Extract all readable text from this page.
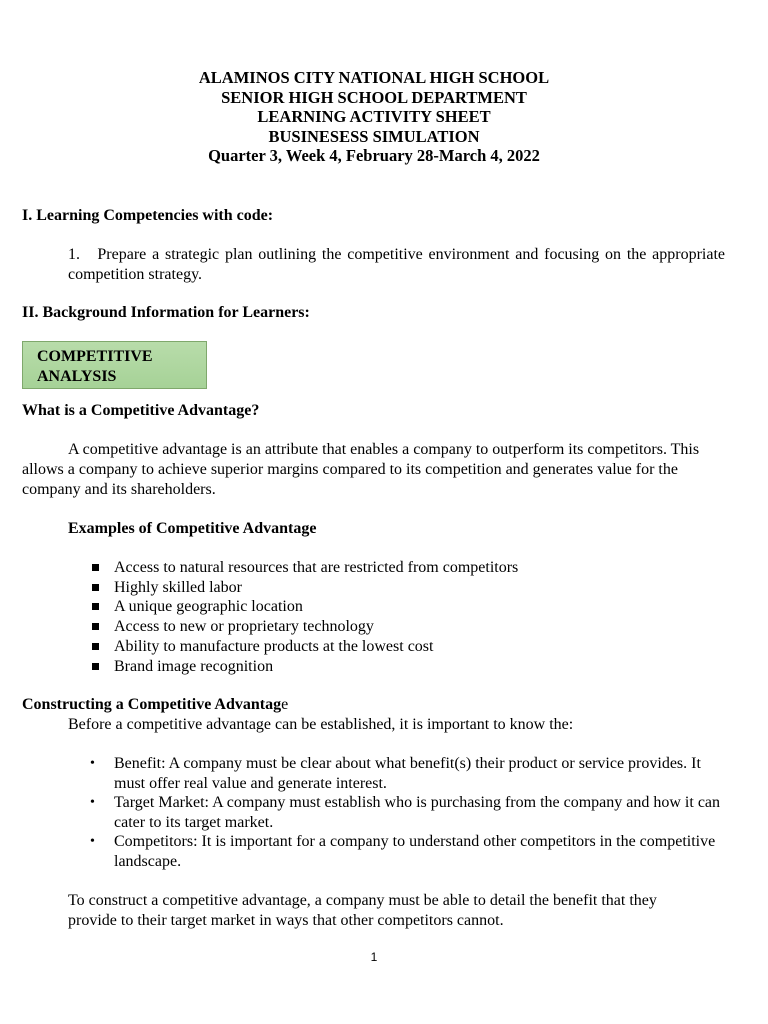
ALAMINOS CITY NATIONAL HIGH SCHOOL
SENIOR HIGH SCHOOL DEPARTMENT
LEARNING ACTIVITY SHEET
BUSINESESS SIMULATION
Quarter 3, Week 4, February 28-March 4, 2022
I. Learning Competencies with code:
1. Prepare a strategic plan outlining the competitive environment and focusing on the appropriate competition strategy.
II. Background Information for Learners:
COMPETITIVE ANALYSIS
What is a Competitive Advantage?
A competitive advantage is an attribute that enables a company to outperform its competitors. This allows a company to achieve superior margins compared to its competition and generates value for the company and its shareholders.
Examples of Competitive Advantage
Access to natural resources that are restricted from competitors
Highly skilled labor
A unique geographic location
Access to new or proprietary technology
Ability to manufacture products at the lowest cost
Brand image recognition
Constructing a Competitive Advantage
Before a competitive advantage can be established, it is important to know the:
• Benefit: A company must be clear about what benefit(s) their product or service provides. It must offer real value and generate interest.
• Target Market: A company must establish who is purchasing from the company and how it can cater to its target market.
• Competitors: It is important for a company to understand other competitors in the competitive landscape.
To construct a competitive advantage, a company must be able to detail the benefit that they provide to their target market in ways that other competitors cannot.
1
